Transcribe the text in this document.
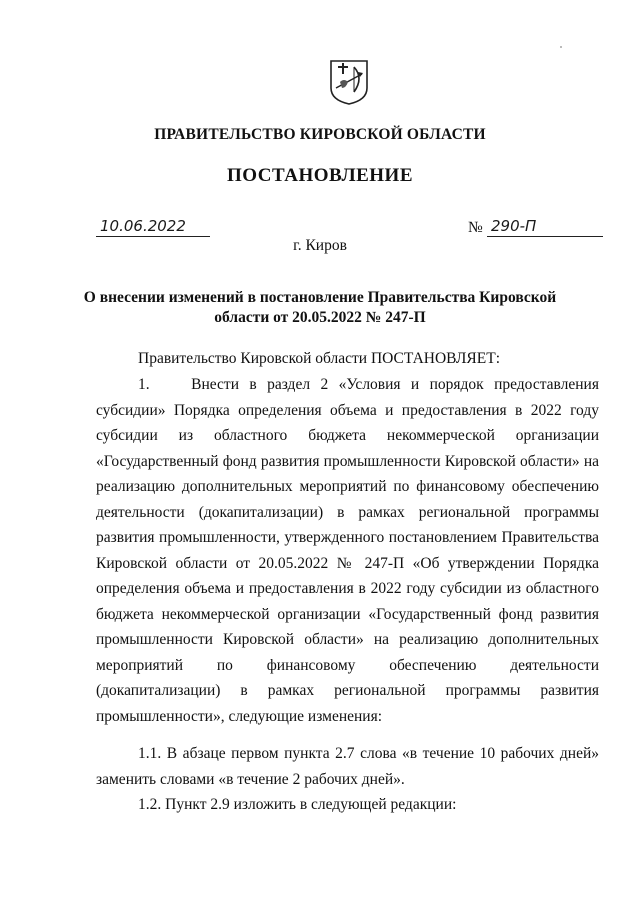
ПРАВИТЕЛЬСТВО КИРОВСКОЙ ОБЛАСТИ
ПОСТАНОВЛЕНИЕ
10.06.2022	№ 290-П
г. Киров
О внесении изменений в постановление Правительства Кировской
области от 20.05.2022 № 247-П
Правительство Кировской области ПОСТАНОВЛЯЕТ:
1.    Внести в раздел 2 «Условия и порядок предоставления субсидии» Порядка определения объема и предоставления в 2022 году субсидии из областного бюджета некоммерческой организации «Государственный фонд развития промышленности Кировской области» на реализацию дополнительных мероприятий по финансовому обеспечению деятельности (докапитализации) в рамках региональной программы развития промышленности, утвержденного постановлением Правительства Кировской области от 20.05.2022 № 247-П «Об утверждении Порядка определения объема и предоставления в 2022 году субсидии из областного бюджета некоммерческой организации «Государственный фонд развития промышленности Кировской области» на реализацию дополнительных мероприятий по финансовому обеспечению деятельности (докапитализации) в рамках региональной программы развития промышленности», следующие изменения:
1.1. В абзаце первом пункта 2.7 слова «в течение 10 рабочих дней» заменить словами «в течение 2 рабочих дней».
1.2. Пункт 2.9 изложить в следующей редакции:
